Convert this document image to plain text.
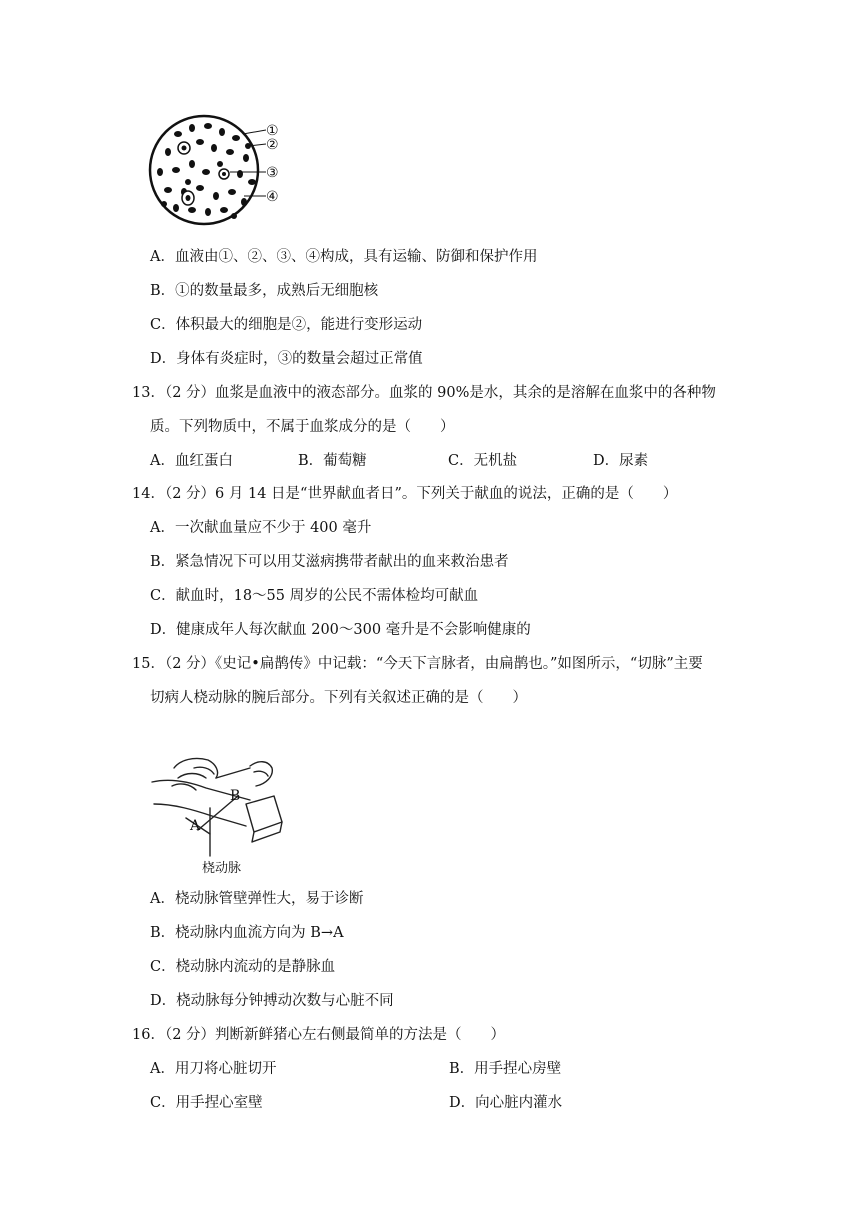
①
②
③
④
A．血液由①、②、③、④构成，具有运输、防御和保护作用
B．①的数量最多，成熟后无细胞核
C．体积最大的细胞是②，能进行变形运动
D．身体有炎症时，③的数量会超过正常值
13．（2 分）血浆是血液中的液态部分。血浆的 90%是水，其余的是溶解在血浆中的各种物
质。下列物质中，不属于血浆成分的是（　　）
A．血红蛋白	B．葡萄糖	C．无机盐	D．尿素
14．（2 分）6 月 14 日是“世界献血者日”。下列关于献血的说法，正确的是（　　）
A．一次献血量应不少于 400 毫升
B．紧急情况下可以用艾滋病携带者献出的血来救治患者
C．献血时，18～55 周岁的公民不需体检均可献血
D．健康成年人每次献血 200～300 毫升是不会影响健康的
15．（2 分）《史记•扁鹊传》中记载：“今天下言脉者，由扁鹊也。”如图所示，“切脉”主要
切病人桡动脉的腕后部分。下列有关叙述正确的是（　　）
B
A
桡动脉
A．桡动脉管壁弹性大，易于诊断
B．桡动脉内血流方向为 B→A
C．桡动脉内流动的是静脉血
D．桡动脉每分钟搏动次数与心脏不同
16．（2 分）判断新鲜猪心左右侧最简单的方法是（　　）
A．用刀将心脏切开	B．用手捏心房壁
C．用手捏心室壁	D．向心脏内灌水
